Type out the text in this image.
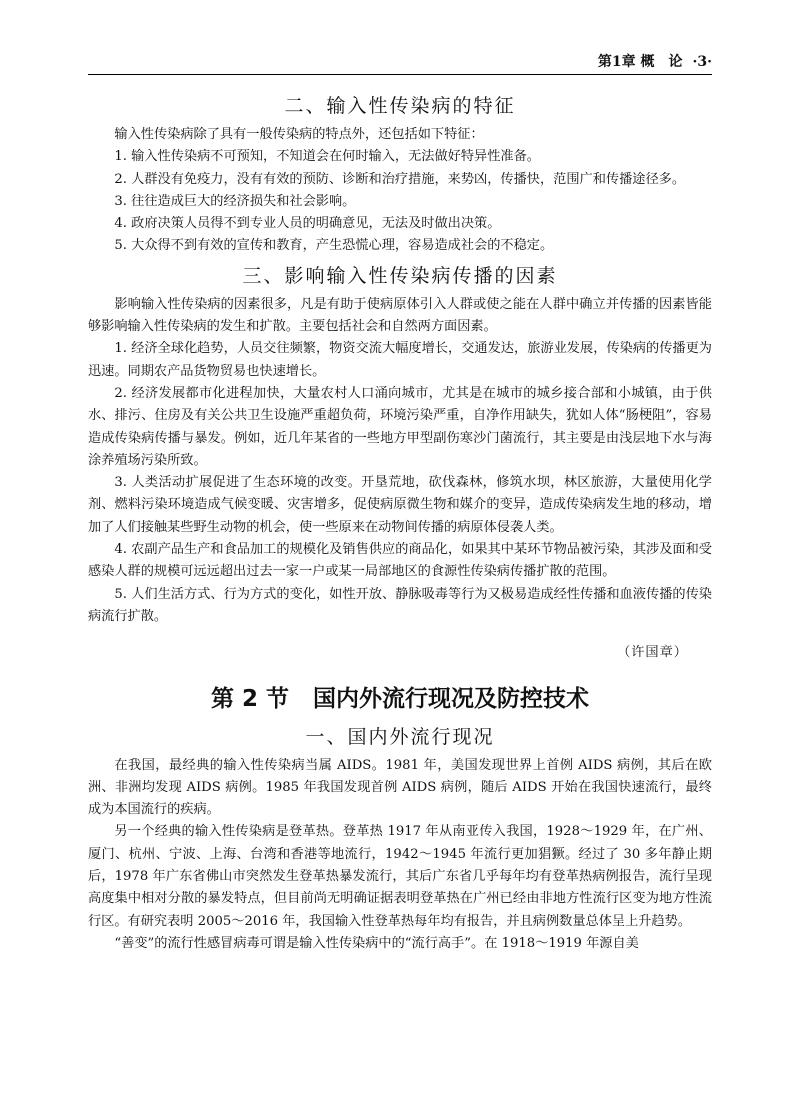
第1章 概　论 ·3·
二、输入性传染病的特征

输入性传染病除了具有一般传染病的特点外，还包括如下特征：

1. 输入性传染病不可预知，不知道会在何时输入，无法做好特异性准备。

2. 人群没有免疫力，没有有效的预防、诊断和治疗措施，来势凶，传播快，范围广和传播途径多。

3. 往往造成巨大的经济损失和社会影响。

4. 政府决策人员得不到专业人员的明确意见，无法及时做出决策。

5. 大众得不到有效的宣传和教育，产生恐慌心理，容易造成社会的不稳定。

三、影响输入性传染病传播的因素

影响输入性传染病的因素很多，凡是有助于使病原体引入人群或使之能在人群中确立并传播的因素皆能够影响输入性传染病的发生和扩散。主要包括社会和自然两方面因素。

1. 经济全球化趋势，人员交往频繁，物资交流大幅度增长，交通发达，旅游业发展，传染病的传播更为迅速。同期农产品货物贸易也快速增长。

2. 经济发展都市化进程加快，大量农村人口涌向城市，尤其是在城市的城乡接合部和小城镇，由于供水、排污、住房及有关公共卫生设施严重超负荷，环境污染严重，自净作用缺失，犹如人体“肠梗阻”，容易造成传染病传播与暴发。例如，近几年某省的一些地方甲型副伤寒沙门菌流行，其主要是由浅层地下水与海涂养殖场污染所致。

3. 人类活动扩展促进了生态环境的改变。开垦荒地，砍伐森林，修筑水坝，林区旅游，大量使用化学剂、燃料污染环境造成气候变暖、灾害增多，促使病原微生物和媒介的变异，造成传染病发生地的移动，增加了人们接触某些野生动物的机会，使一些原来在动物间传播的病原体侵袭人类。

4. 农副产品生产和食品加工的规模化及销售供应的商品化，如果其中某环节物品被污染，其涉及面和受感染人群的规模可远远超出过去一家一户或某一局部地区的食源性传染病传播扩散的范围。

5. 人们生活方式、行为方式的变化，如性开放、静脉吸毒等行为又极易造成经性传播和血液传播的传染病流行扩散。

（许国章）
第 2 节 国内外流行现况及防控技术
一、国内外流行现况

在我国，最经典的输入性传染病当属 AIDS。1981 年，美国发现世界上首例 AIDS 病例，其后在欧洲、非洲均发现 AIDS 病例。1985 年我国发现首例 AIDS 病例，随后 AIDS 开始在我国快速流行，最终成为本国流行的疾病。

另一个经典的输入性传染病是登革热。登革热 1917 年从南亚传入我国，1928～1929 年，在广州、厦门、杭州、宁波、上海、台湾和香港等地流行，1942～1945 年流行更加猖獗。经过了 30 多年静止期后，1978 年广东省佛山市突然发生登革热暴发流行，其后广东省几乎每年均有登革热病例报告，流行呈现高度集中相对分散的暴发特点，但目前尚无明确证据表明登革热在广州已经由非地方性流行区变为地方性流行区。有研究表明 2005～2016 年，我国输入性登革热每年均有报告，并且病例数量总体呈上升趋势。

“善变”的流行性感冒病毒可谓是输入性传染病中的“流行高手”。在 1918～1919 年源自美
